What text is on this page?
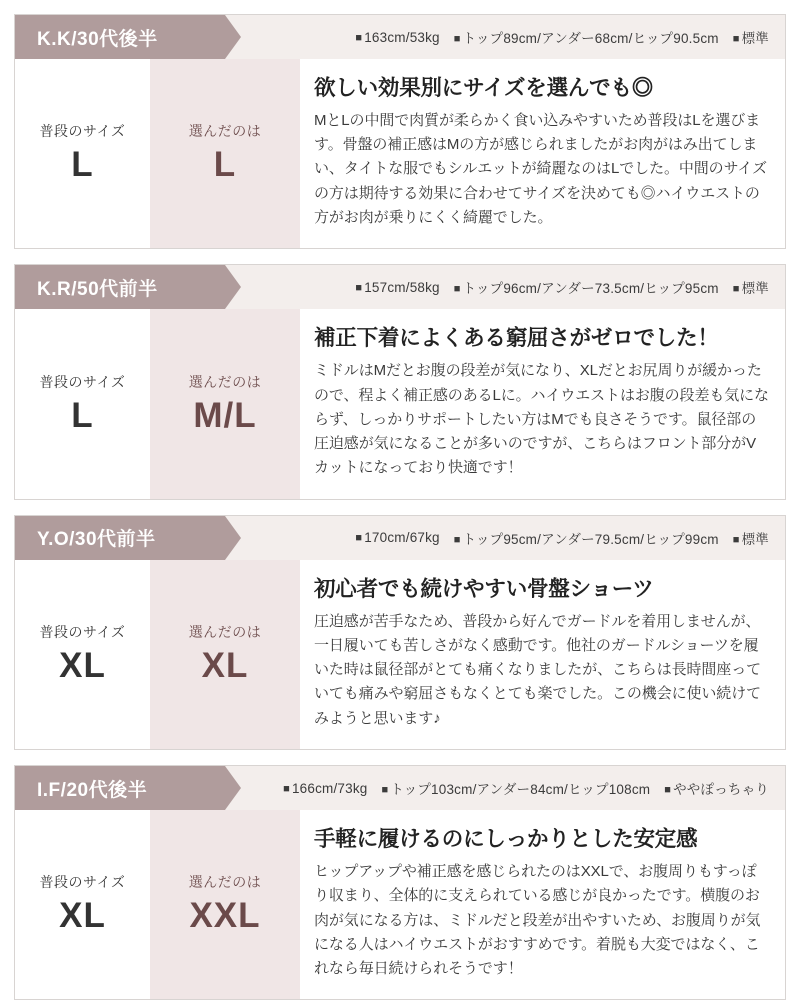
K.K/30代後半	■ 163cm/53kg ■ トップ89cm/アンダー68cm/ヒップ90.5cm ■ 標準
普段のサイズ
L
選んだのは
L
欲しい効果別にサイズを選んでも◎
MとLの中間で肉質が柔らかく食い込みやすいため普段はLを選びます。骨盤の補正感はMの方が感じられましたがお肉がはみ出てしまい、タイトな服でもシルエットが綺麗なのはLでした。中間のサイズの方は期待する効果に合わせてサイズを決めても◎ハイウエストの方がお肉が乗りにくく綺麗でした。
K.R/50代前半	■ 157cm/58kg ■ トップ96cm/アンダー73.5cm/ヒップ95cm ■ 標準
普段のサイズ
L
選んだのは
M/L
補正下着によくある窮屈さがゼロでした！
ミドルはMだとお腹の段差が気になり、XLだとお尻周りが緩かったので、程よく補正感のあるLに。ハイウエストはお腹の段差も気にならず、しっかりサポートしたい方はMでも良さそうです。鼠径部の圧迫感が気になることが多いのですが、こちらはフロント部分がVカットになっており快適です！
Y.O/30代前半	■ 170cm/67kg ■ トップ95cm/アンダー79.5cm/ヒップ99cm ■ 標準
普段のサイズ
XL
選んだのは
XL
初心者でも続けやすい骨盤ショーツ
圧迫感が苦手なため、普段から好んでガードルを着用しませんが、一日履いても苦しさがなく感動です。他社のガードルショーツを履いた時は鼠径部がとても痛くなりましたが、こちらは長時間座っていても痛みや窮屈さもなくとても楽でした。この機会に使い続けてみようと思います♪
I.F/20代後半	■ 166cm/73kg ■ トップ103cm/アンダー84cm/ヒップ108cm ■ ややぽっちゃり
普段のサイズ
XL
選んだのは
XXL
手軽に履けるのにしっかりとした安定感
ヒップアップや補正感を感じられたのはXXLで、お腹周りもすっぽり収まり、全体的に支えられている感じが良かったです。横腹のお肉が気になる方は、ミドルだと段差が出やすいため、お腹周りが気になる人はハイウエストがおすすめです。着脱も大変ではなく、これなら毎日続けられそうです！
